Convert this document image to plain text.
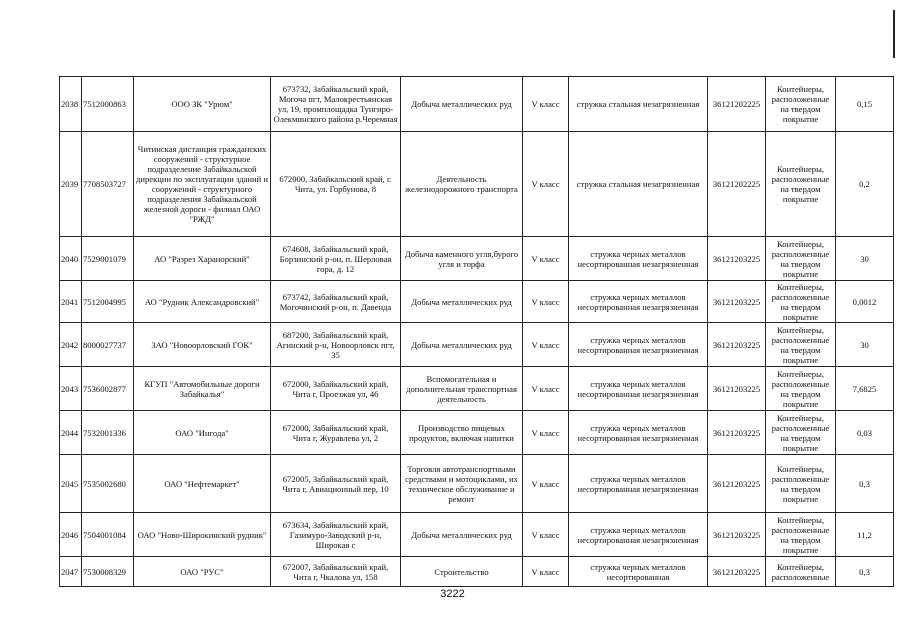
2038	7512000863	ООО ЗК "Урюм"	673732, Забайкальский край, Могоча пгт, Малокрестьянская ул, 19, промплощадка Тунгиро- Олекминского района р.Черемная	Добыча металлических руд	V класс	стружка стальная незагрязненная	36121202225	Контейнеры, расположенные на твердом покрытие	0,15
2039	7708503727	Читинская дистанция гражданских сооружений - структурное подразделение Забайкальской дирекции по эксплуатации зданий и сооружений - структурного подразделения Забайкальской железной дороги - филиал ОАО "РЖД"	672000, Забайкальский край, г. Чита, ул. Горбунова, 8	Деятельность железнодорожного транспорта	V класс	стружка стальная незагрязненная	36121202225	Контейнеры, расположенные на твердом покрытие	0,2
2040	7529001079	АО "Разрез Харанорский"	674608, Забайкальский край, Борзинский р-он, п. Шерловая гора, д. 12	Добыча каменного угля,бурого угля и торфа	V класс	стружка черных металлов несортированная незагрязненная	36121203225	Контейнеры, расположенные на твердом покрытие	30
2041	7512004995	АО "Рудник Александровский"	673742, Забайкальский край, Могочинский р-он, п. Давенда	Добыча металлических руд	V класс	стружка черных металлов несортированная незагрязненная	36121203225	Контейнеры, расположенные на твердом покрытие	0,0012
2042	8000027737	ЗАО "Новоорловский ГОК"	687200, Забайкальский край, Агинский р-н, Новоорловск пгт, 35	Добыча металлических руд	V класс	стружка черных металлов несортированная незагрязненная	36121203225	Контейнеры, расположенные на твердом покрытие	30
2043	7536002877	КГУП "Автомобильные дороги Забайкалья"	672000, Забайкальский край, Чита г, Проезжая ул, 46	Вспомогательная и дополнительная транспортная деятельность	V класс	стружка черных металлов несортированная незагрязненная	36121203225	Контейнеры, расположенные на твердом покрытие	7,6825
2044	7532001336	ОАО "Ингода"	672000, Забайкальский край, Чита г, Журавлева ул, 2	Производство пищевых продуктов, включая напитки	V класс	стружка черных металлов несортированная незагрязненная	36121203225	Контейнеры, расположенные на твердом покрытие	0,03
2045	7535002680	ОАО "Нефтемаркет"	672005, Забайкальский край, Чита г, Авиационный пер, 10	Торговля автотранспортными средствами и мотоциклами, их техническое обслуживание и ремонт	V класс	стружка черных металлов несортированная незагрязненная	36121203225	Контейнеры, расположенные на твердом покрытие	0,3
2046	7504001084	ОАО "Ново-Широкинский рудник"	673634, Забайкальский край, Газимуро-Заводский р-н, Широкая с	Добыча металлических руд	V класс	стружка черных металлов несортированная незагрязненная	36121203225	Контейнеры, расположенные на твердом покрытие	11,2
2047	7530008329	ОАО "РУС"	672007, Забайкальский край, Чита г, Чкалова ул, 158	Строительство	V класс	стружка черных металлов несортированная	36121203225	Контейнеры, расположенные	0,3
3222
